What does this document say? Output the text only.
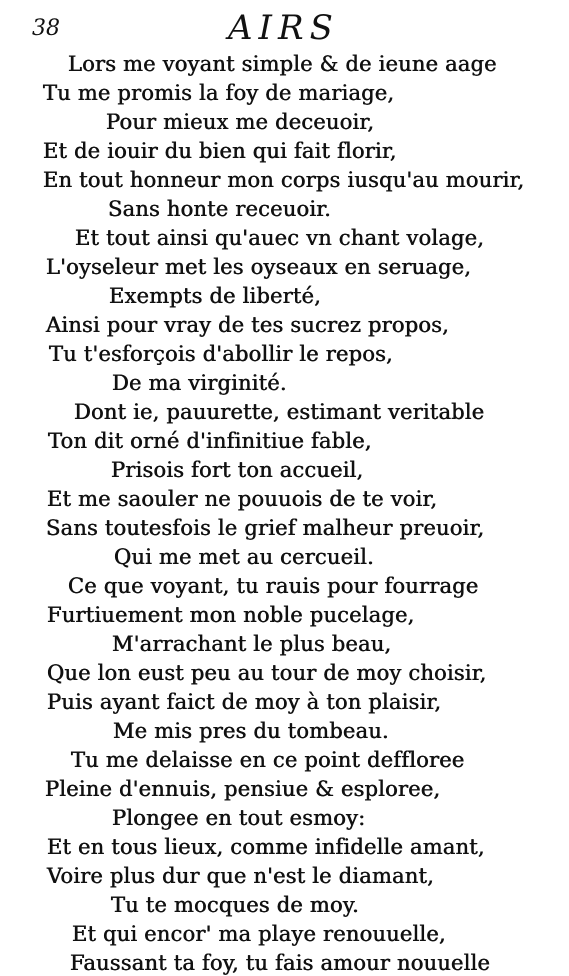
38	AIRS
Lors me voyant simple & de ieune aage
Tu me promis la foy de mariage,
Pour mieux me deceuoir,
Et de iouir du bien qui fait florir,
En tout honneur mon corps iusqu'au mourir,
Sans honte receuoir.
Et tout ainsi qu'auec vn chant volage,
L'oyseleur met les oyseaux en seruage,
Exempts de liberté,
Ainsi pour vray de tes sucrez propos,
Tu t'esforçois d'abollir le repos,
De ma virginité.
Dont ie, pauurette, estimant veritable
Ton dit orné d'infinitiue fable,
Prisois fort ton accueil,
Et me saouler ne pouuois de te voir,
Sans toutesfois le grief malheur preuoir,
Qui me met au cercueil.
Ce que voyant, tu rauis pour fourrage
Furtiuement mon noble pucelage,
M'arrachant le plus beau,
Que lon eust peu au tour de moy choisir,
Puis ayant faict de moy à ton plaisir,
Me mis pres du tombeau.
Tu me delaisse en ce point deffloree
Pleine d'ennuis, pensiue & esploree,
Plongee en tout esmoy:
Et en tous lieux, comme infidelle amant,
Voire plus dur que n'est le diamant,
Tu te mocques de moy.
Et qui encor' ma playe renouuelle,
Faussant ta foy, tu fais amour nouuelle
